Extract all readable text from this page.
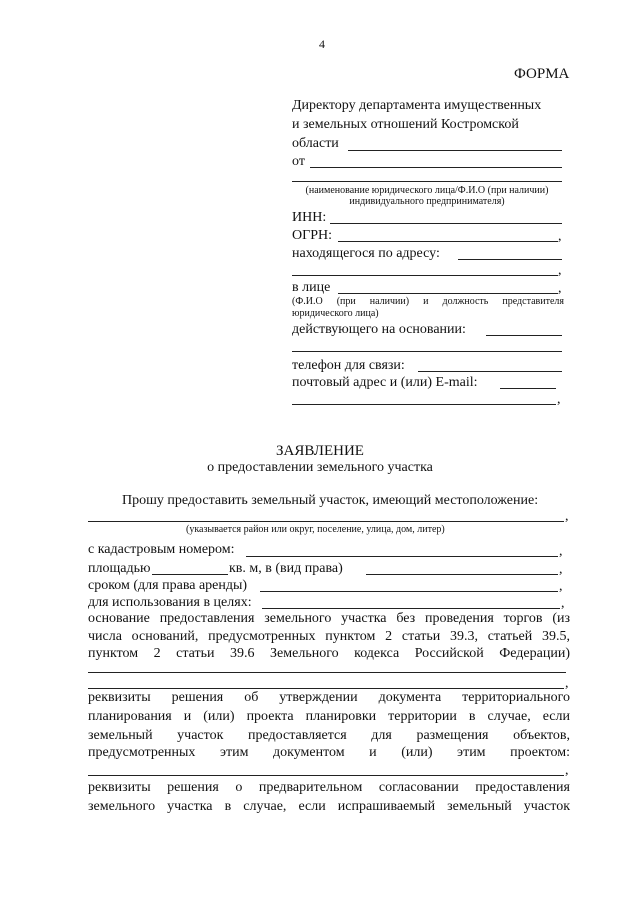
4
ФОРМА
Директору департамента имущественных
и земельных отношений Костромской
области
от
(наименование юридического лица/Ф.И.О (при наличии)
индивидуального предпринимателя)
ИНН:
ОГРН:	,
находящегося по адресу:
,
в лице	,
(Ф.И.О (при наличии) и должность представителя
юридического лица)
действующего на основании:
телефон для связи:
почтовый адрес и (или) E-mail:
,
ЗАЯВЛЕНИЕ
о предоставлении земельного участка
Прошу предоставить земельный участок, имеющий местоположение:
,
(указывается район или округ, поселение, улица, дом, литер)
с кадастровым номером:	,
площадью	кв. м, в (вид права)	,
сроком (для права аренды)	,
для использования в целях:	,
основание предоставления земельного участка без проведения торгов (из
числа оснований, предусмотренных пунктом 2 статьи 39.3, статьей 39.5,
пунктом 2 статьи 39.6 Земельного кодекса Российской Федерации)
,
реквизиты решения об утверждении документа территориального
планирования и (или) проекта планировки территории в случае, если
земельный участок предоставляется для размещения объектов,
предусмотренных этим документом и (или) этим проектом:
,
реквизиты решения о предварительном согласовании предоставления
земельного участка в случае, если испрашиваемый земельный участок
